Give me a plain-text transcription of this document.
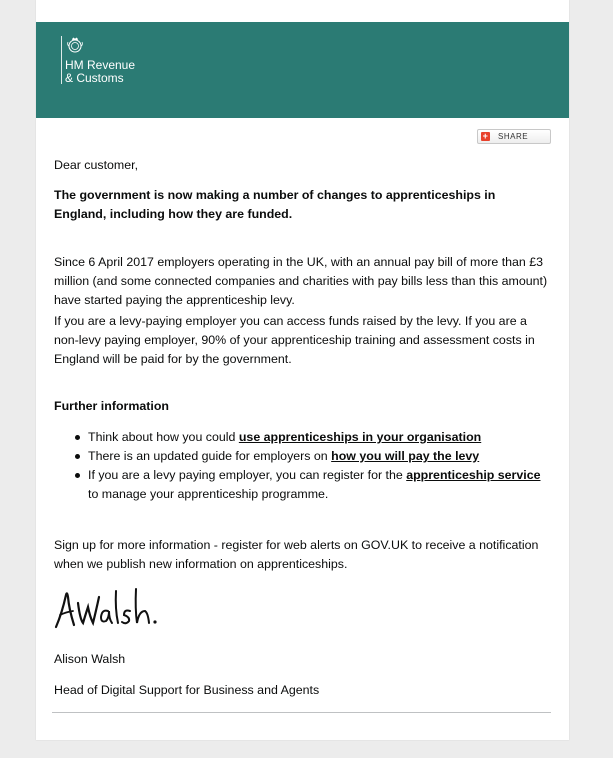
HM Revenue
& Customs
+ SHARE
Dear customer,
The government is now making a number of changes to apprenticeships in England, including how they are funded.
Since 6 April 2017 employers operating in the UK, with an annual pay bill of more than £3 million (and some connected companies and charities with pay bills less than this amount) have started paying the apprenticeship levy.
If you are a levy-paying employer you can access funds raised by the levy. If you are a non-levy paying employer, 90% of your apprenticeship training and assessment costs in England will be paid for by the government.
Further information
Think about how you could use apprenticeships in your organisation
There is an updated guide for employers on how you will pay the levy
If you are a levy paying employer, you can register for the apprenticeship service to manage your apprenticeship programme.
Sign up for more information - register for web alerts on GOV.UK to receive a notification when we publish new information on apprenticeships.
Alison Walsh
Head of Digital Support for Business and Agents
